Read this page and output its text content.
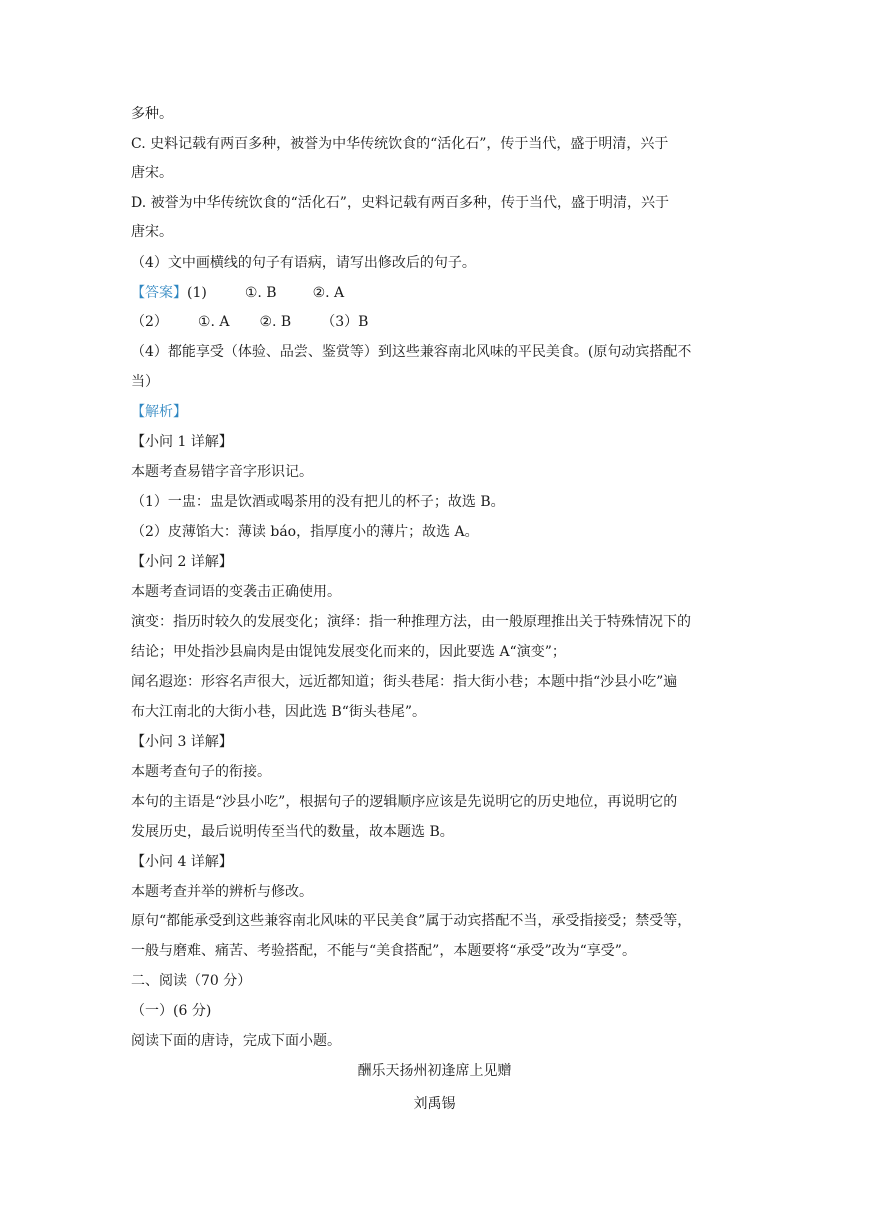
多种。
C. 史料记载有两百多种，被誉为中华传统饮食的“活化石”，传于当代，盛于明清，兴于
唐宋。
D. 被誉为中华传统饮食的“活化石”，史料记载有两百多种，传于当代，盛于明清，兴于
唐宋。
（4）文中画横线的句子有语病，请写出修改后的句子。
【答案】(1)	①. B	②. A
（2） ①. A ②. B （3）B
（4）都能享受（体验、品尝、鉴赏等）到这些兼容南北风味的平民美食。(原句动宾搭配不
当）
【解析】
【小问 1 详解】
本题考查易错字音字形识记。
（1）一盅：盅是饮酒或喝茶用的没有把儿的杯子；故选 B。
（2）皮薄馅大：薄读 báo，指厚度小的薄片；故选 A。
【小问 2 详解】
本题考查词语的变袭击正确使用。
演变：指历时较久的发展变化；演绎：指一种推理方法，由一般原理推出关于特殊情况下的
结论；甲处指沙县扁肉是由馄饨发展变化而来的，因此要选 A“演变”；
闻名遐迩：形容名声很大，远近都知道；街头巷尾：指大街小巷；本题中指“沙县小吃”遍
布大江南北的大街小巷，因此选 B“街头巷尾”。
【小问 3 详解】
本题考查句子的衔接。
本句的主语是“沙县小吃”，根据句子的逻辑顺序应该是先说明它的历史地位，再说明它的
发展历史，最后说明传至当代的数量，故本题选 B。
【小问 4 详解】
本题考查并举的辨析与修改。
原句“都能承受到这些兼容南北风味的平民美食”属于动宾搭配不当，承受指接受；禁受等，
一般与磨难、痛苦、考验搭配，不能与“美食搭配”，本题要将“承受”改为“享受”。
二、阅读（70 分）
（一）(6 分)
阅读下面的唐诗，完成下面小题。
酬乐天扬州初逢席上见赠
刘禹锡
